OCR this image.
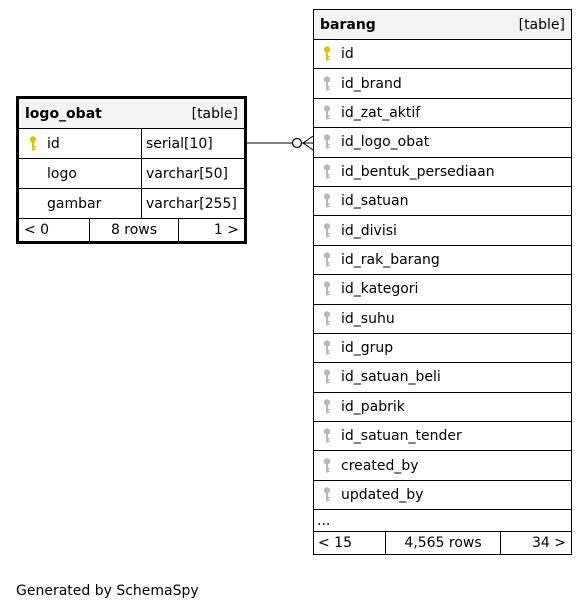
logo_obat	[table]
id	serial[10]
logo	varchar[50]
gambar	varchar[255]
< 0	8 rows	1 >
barang	[table]
id
id_brand
id_zat_aktif
id_logo_obat
id_bentuk_persediaan
id_satuan
id_divisi
id_rak_barang
id_kategori
id_suhu
id_grup
id_satuan_beli
id_pabrik
id_satuan_tender
created_by
updated_by
...
< 15	4,565 rows	34 >
Generated by SchemaSpy
